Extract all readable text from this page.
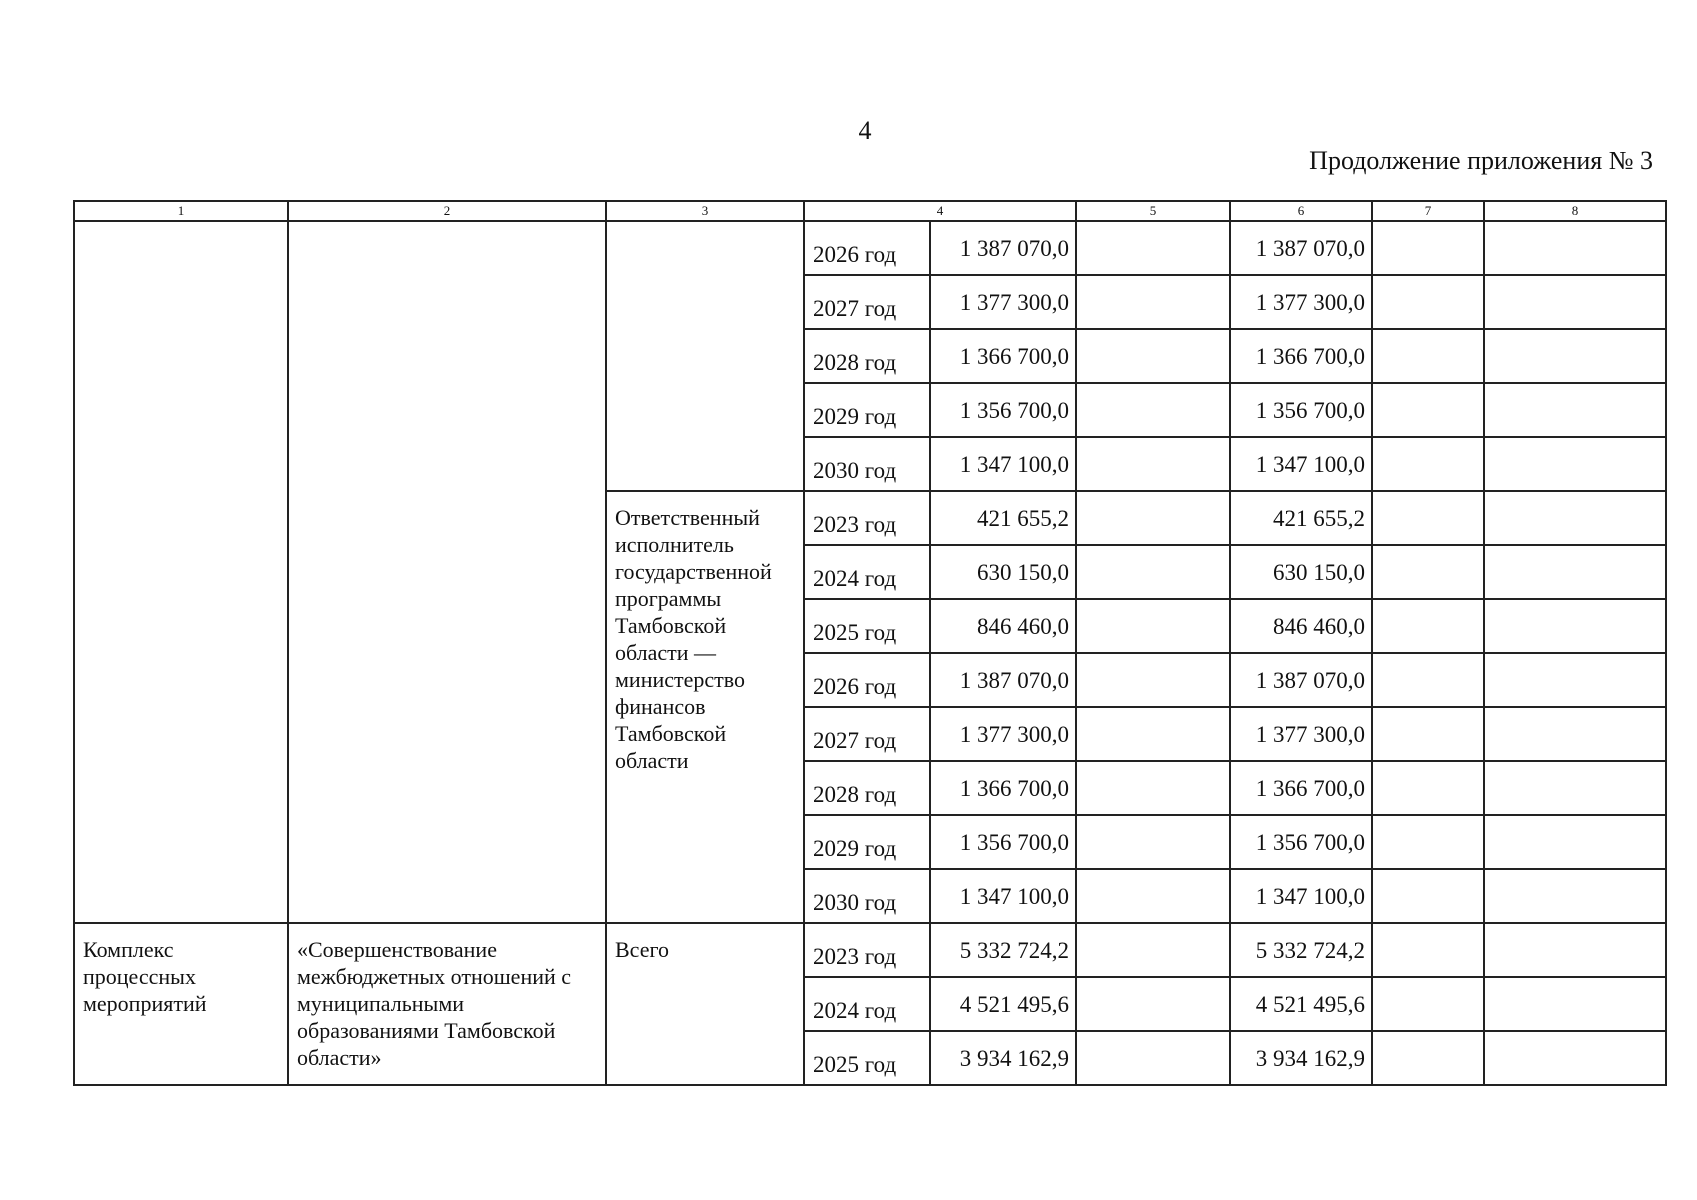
4
Продолжение приложения № 3
1	2	3	4		5	6	7	8
			2026 год	1 387 070,0		1 387 070,0		
			2027 год	1 377 300,0		1 377 300,0		
			2028 год	1 366 700,0		1 366 700,0		
			2029 год	1 356 700,0		1 356 700,0		
			2030 год	1 347 100,0		1 347 100,0		
		Ответственный исполнитель государственной программы Тамбовской области — министерство финансов Тамбовской области	2023 год	421 655,2		421 655,2		
			2024 год	630 150,0		630 150,0		
			2025 год	846 460,0		846 460,0		
			2026 год	1 387 070,0		1 387 070,0		
			2027 год	1 377 300,0		1 377 300,0		
			2028 год	1 366 700,0		1 366 700,0		
			2029 год	1 356 700,0		1 356 700,0		
			2030 год	1 347 100,0		1 347 100,0		
Комплекс процессных мероприятий	«Совершенствование межбюджетных отношений с муниципальными образованиями Тамбовской области»	Всего	2023 год	5 332 724,2		5 332 724,2		
			2024 год	4 521 495,6		4 521 495,6		
			2025 год	3 934 162,9		3 934 162,9		
